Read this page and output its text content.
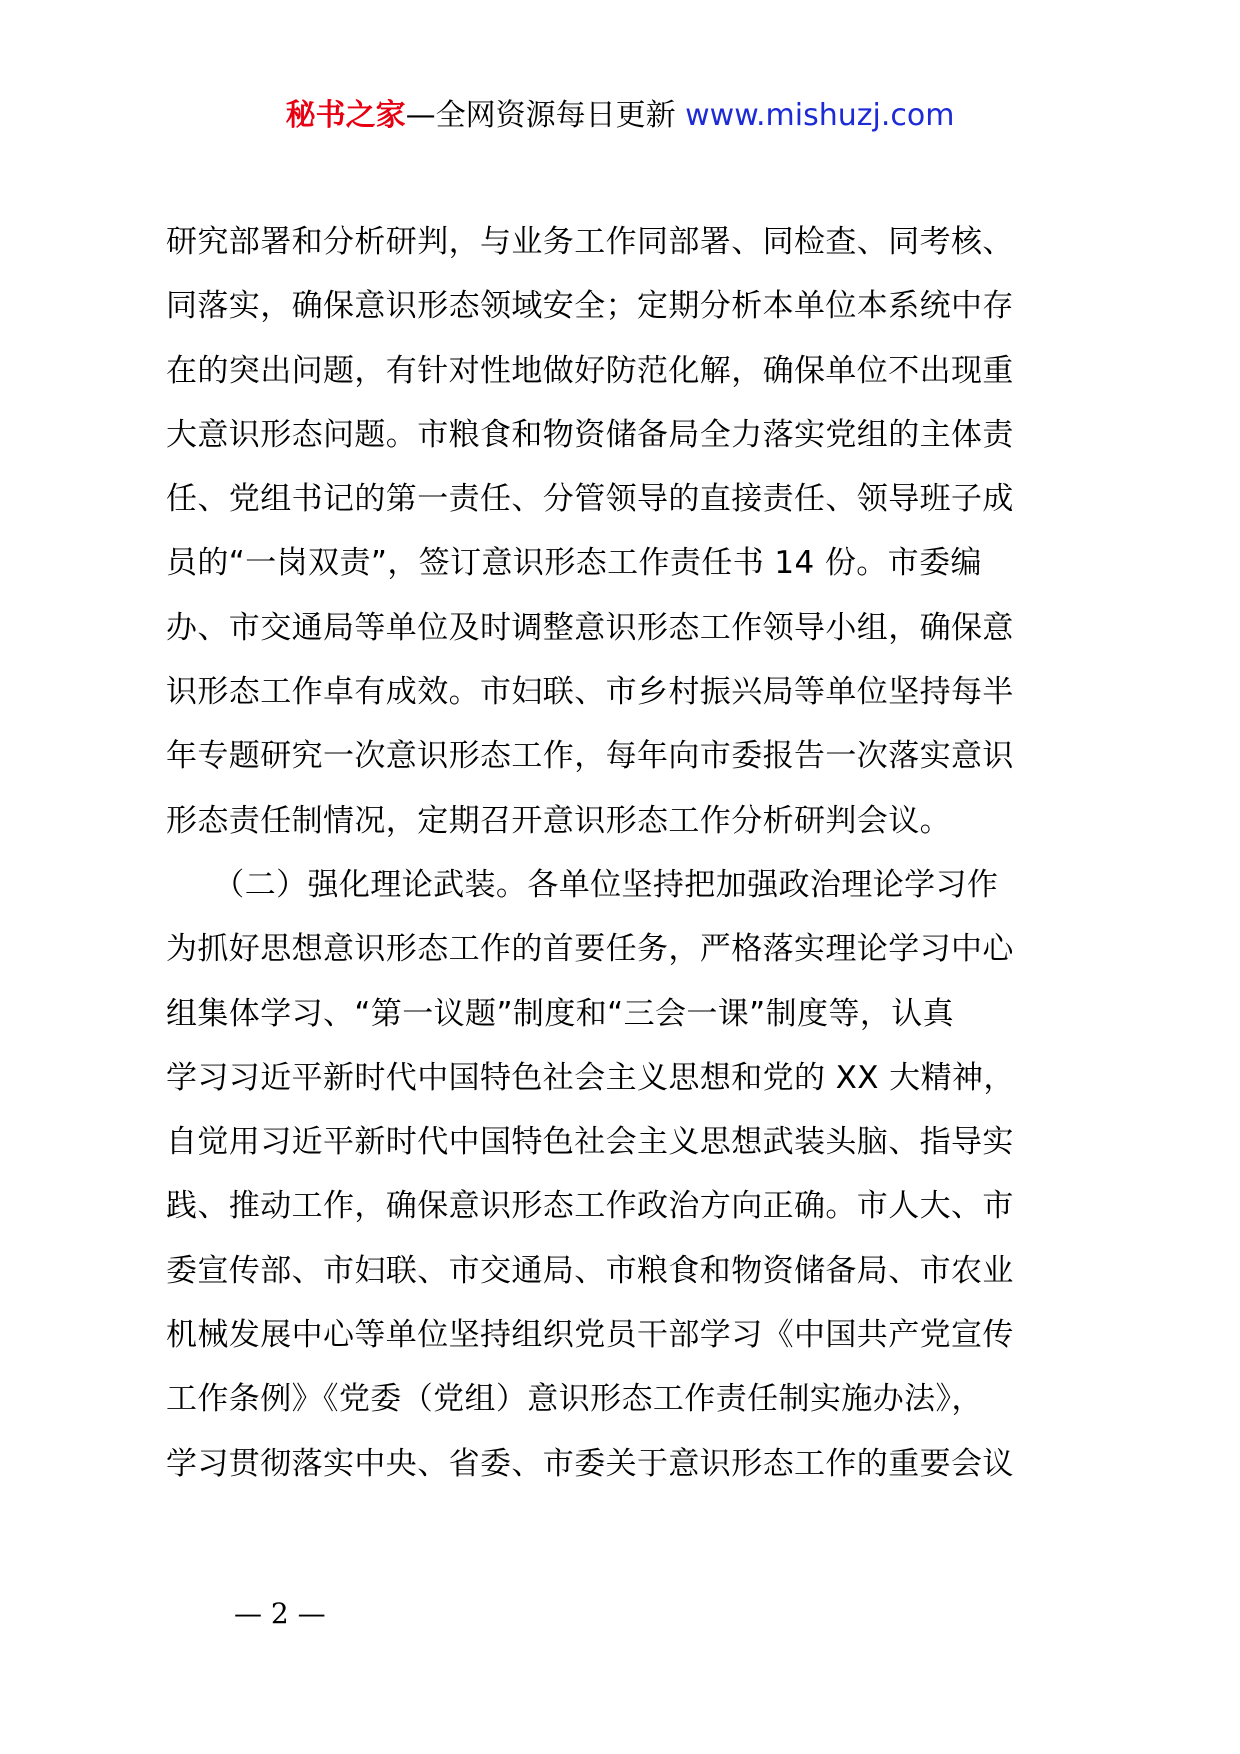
秘书之家—全网资源每日更新 www.mishuzj.com
研究部署和分析研判，与业务工作同部署、同检查、同考核、
同落实，确保意识形态领域安全；定期分析本单位本系统中存
在的突出问题，有针对性地做好防范化解，确保单位不出现重
大意识形态问题。市粮食和物资储备局全力落实党组的主体责
任、党组书记的第一责任、分管领导的直接责任、领导班子成
员的“一岗双责”，签订意识形态工作责任书 14 份。市委编
办、市交通局等单位及时调整意识形态工作领导小组，确保意
识形态工作卓有成效。市妇联、市乡村振兴局等单位坚持每半
年专题研究一次意识形态工作，每年向市委报告一次落实意识
形态责任制情况，定期召开意识形态工作分析研判会议。
　　（二）强化理论武装。各单位坚持把加强政治理论学习作
为抓好思想意识形态工作的首要任务，严格落实理论学习中心
组集体学习、“第一议题”制度和“三会一课”制度等，认真
学习习近平新时代中国特色社会主义思想和党的 XX 大精神，
自觉用习近平新时代中国特色社会主义思想武装头脑、指导实
践、推动工作，确保意识形态工作政治方向正确。市人大、市
委宣传部、市妇联、市交通局、市粮食和物资储备局、市农业
机械发展中心等单位坚持组织党员干部学习《中国共产党宣传
工作条例》《党委（党组）意识形态工作责任制实施办法》，
学习贯彻落实中央、省委、市委关于意识形态工作的重要会议
— 2 —
